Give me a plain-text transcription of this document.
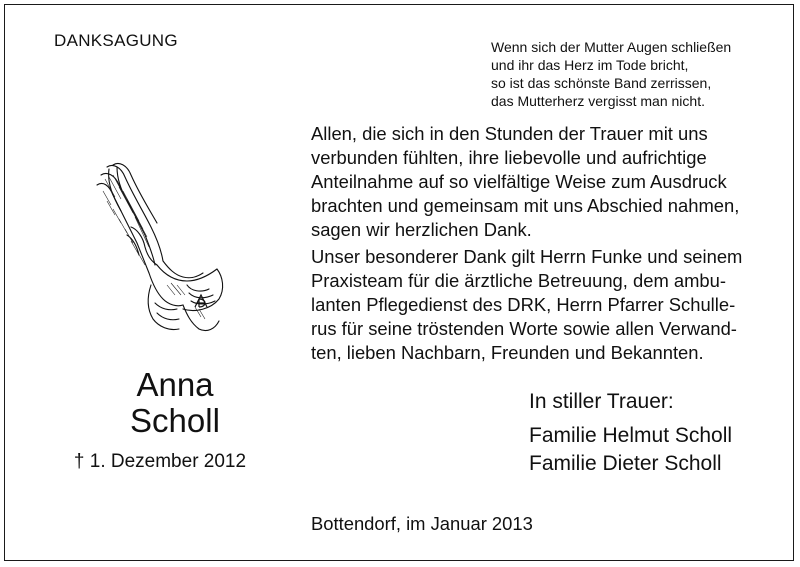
DANKSAGUNG	Wenn sich der Mutter Augen schließen
und ihr das Herz im Tode bricht,
so ist das schönste Band zerrissen,
das Mutterherz vergisst man nicht.
Allen, die sich in den Stunden der Trauer mit uns
verbunden fühlten, ihre liebevolle und aufrichtige
Anteilnahme auf so vielfältige Weise zum Ausdruck
brachten und gemeinsam mit uns Abschied nahmen,
sagen wir herzlichen Dank.
Unser besonderer Dank gilt Herrn Funke und seinem
Praxisteam für die ärztliche Betreuung, dem ambu-
lanten Pflegedienst des DRK, Herrn Pfarrer Schulle-
rus für seine tröstenden Worte sowie allen Verwand-
ten, lieben Nachbarn, Freunden und Bekannten.
Anna
Scholl
† 1. Dezember 2012
In stiller Trauer:
Familie Helmut Scholl
Familie Dieter Scholl
Bottendorf, im Januar 2013
